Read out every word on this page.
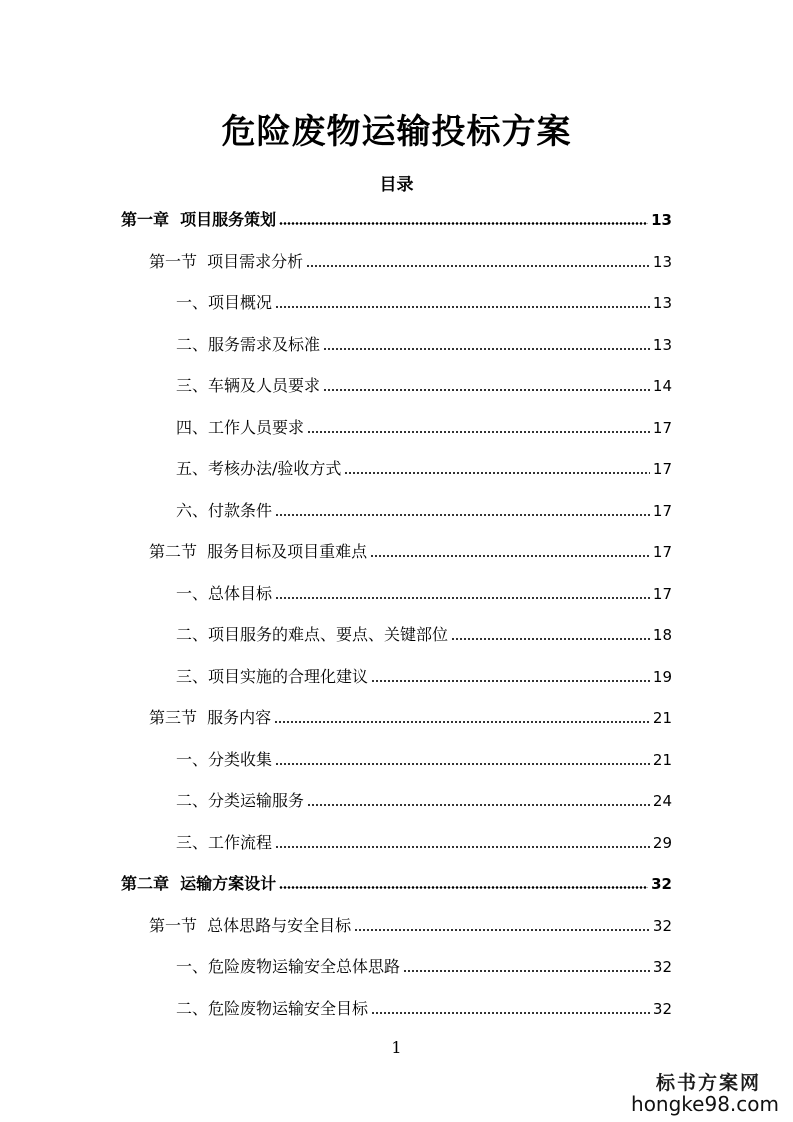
危险废物运输投标方案
目录
第一章  项目服务策划	13
第一节  项目需求分析	13
一、项目概况	13
二、服务需求及标准	13
三、车辆及人员要求	14
四、工作人员要求	17
五、考核办法/验收方式	17
六、付款条件	17
第二节  服务目标及项目重难点	17
一、总体目标	17
二、项目服务的难点、要点、关键部位	18
三、项目实施的合理化建议	19
第三节  服务内容	21
一、分类收集	21
二、分类运输服务	24
三、工作流程	29
第二章  运输方案设计	32
第一节  总体思路与安全目标	32
一、危险废物运输安全总体思路	32
二、危险废物运输安全目标	32
1
标书方案网
hongke98.com
